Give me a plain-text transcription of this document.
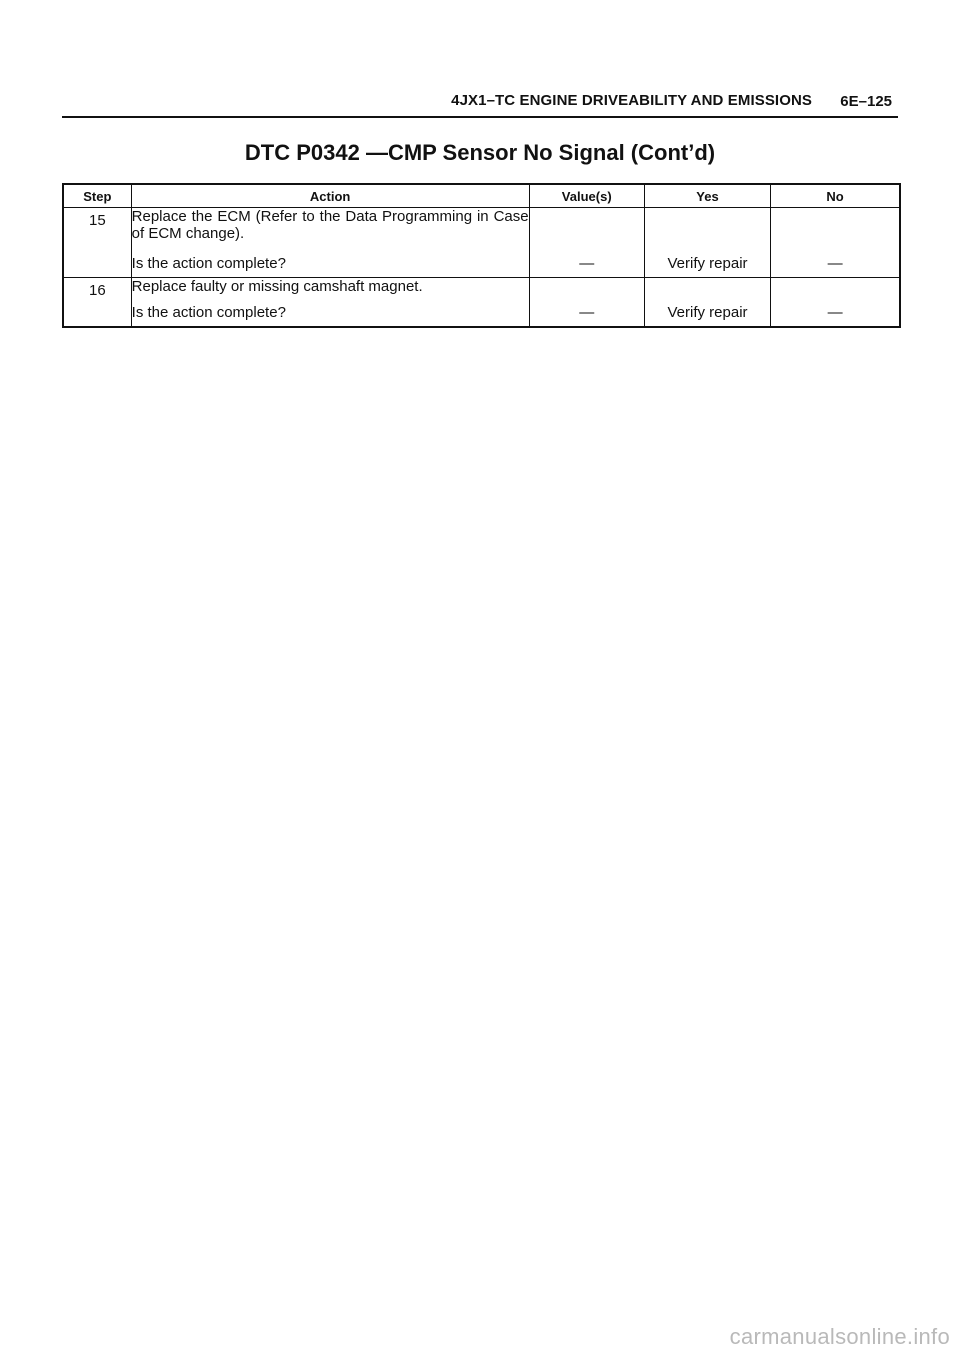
4JX1–TC ENGINE DRIVEABILITY AND EMISSIONS 6E–125
DTC P0342 —CMP Sensor No Signal (Cont’d)
Step	Action	Value(s)	Yes	No

15	Replace the ECM (Refer to the Data Programming in Case of ECM change).
Is the action complete?	—	Verify repair	—

16	Replace faulty or missing camshaft magnet.
Is the action complete?	—	Verify repair	—
carmanualsonline.info
